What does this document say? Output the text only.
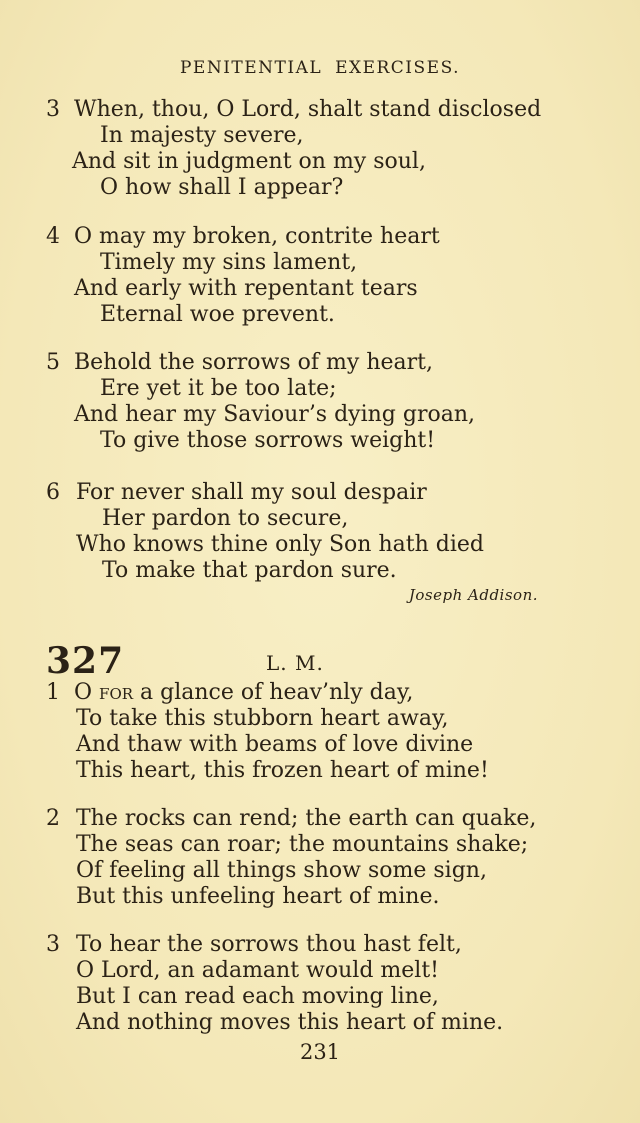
PENITENTIAL EXERCISES.
3 When, thou, O Lord, shalt stand disclosed
In majesty severe,
And sit in judgment on my soul,
O how shall I appear?
4 O may my broken, contrite heart
Timely my sins lament,
And early with repentant tears
Eternal woe prevent.
5 Behold the sorrows of my heart,
Ere yet it be too late;
And hear my Saviour’s dying groan,
To give those sorrows weight!
6 For never shall my soul despair
Her pardon to secure,
Who knows thine only Son hath died
To make that pardon sure.
Joseph Addison.
327	L. M.
1 O for a glance of heav’nly day,
To take this stubborn heart away,
And thaw with beams of love divine
This heart, this frozen heart of mine!
2 The rocks can rend; the earth can quake,
The seas can roar; the mountains shake;
Of feeling all things show some sign,
But this unfeeling heart of mine.
3 To hear the sorrows thou hast felt,
O Lord, an adamant would melt!
But I can read each moving line,
And nothing moves this heart of mine.
231
